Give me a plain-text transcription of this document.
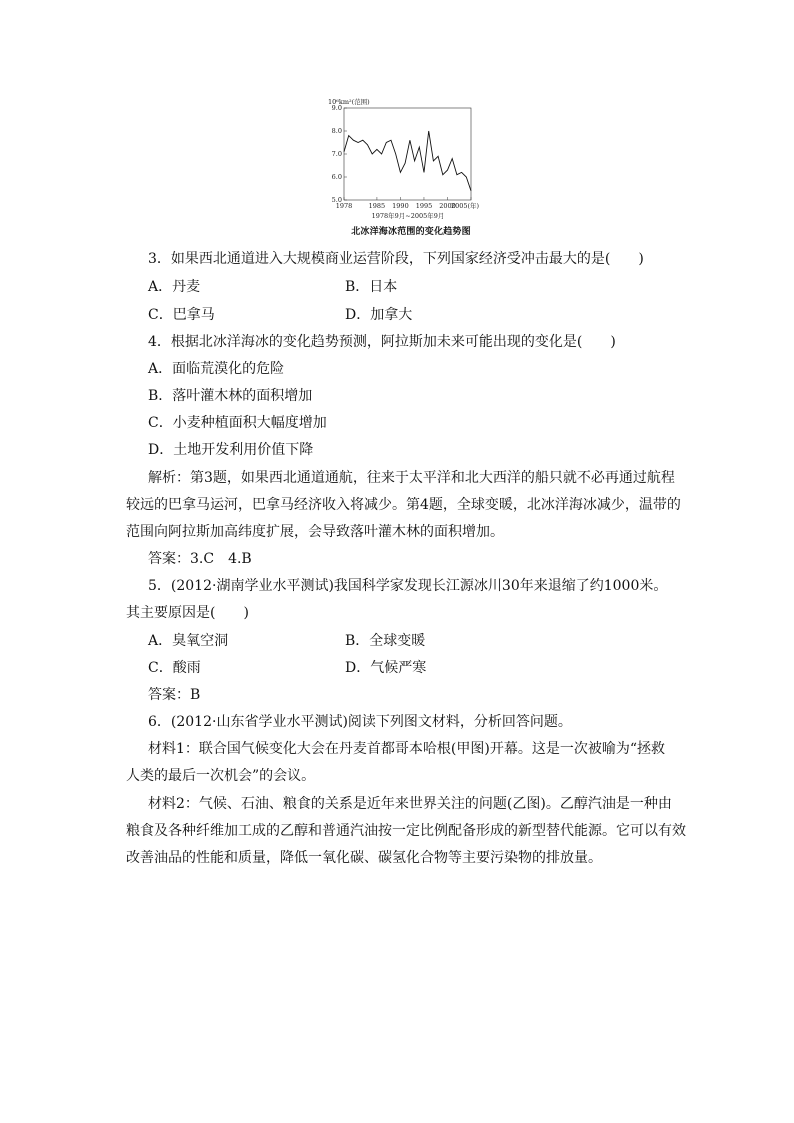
10⁶km²(范围)
9.0
8.0
7.0
6.0
5.0
1978	1985 1990 1995 2000
2005(年)
1978年9月~2005年9月
北冰洋海冰范围的变化趋势图
3．如果西北通道进入大规模商业运营阶段，下列国家经济受冲击最大的是(　　)
A．丹麦	B．日本
C．巴拿马	D．加拿大
4．根据北冰洋海冰的变化趋势预测，阿拉斯加未来可能出现的变化是(　　)
A．面临荒漠化的危险
B．落叶灌木林的面积增加
C．小麦种植面积大幅度增加
D．土地开发利用价值下降
解析：第3题，如果西北通道通航，往来于太平洋和北大西洋的船只就不必再通过航程
较远的巴拿马运河，巴拿马经济收入将减少。第4题，全球变暖，北冰洋海冰减少，温带的
范围向阿拉斯加高纬度扩展，会导致落叶灌木林的面积增加。
答案：3.C　4.B
5．(2012·湖南学业水平测试)我国科学家发现长江源冰川30年来退缩了约1000米。
其主要原因是(　　)
A．臭氧空洞	B．全球变暖
C．酸雨	D．气候严寒
答案：B
6．(2012·山东省学业水平测试)阅读下列图文材料，分析回答问题。
材料1：联合国气候变化大会在丹麦首都哥本哈根(甲图)开幕。这是一次被喻为“拯救
人类的最后一次机会”的会议。
材料2：气候、石油、粮食的关系是近年来世界关注的问题(乙图)。乙醇汽油是一种由
粮食及各种纤维加工成的乙醇和普通汽油按一定比例配备形成的新型替代能源。它可以有效
改善油品的性能和质量，降低一氧化碳、碳氢化合物等主要污染物的排放量。
